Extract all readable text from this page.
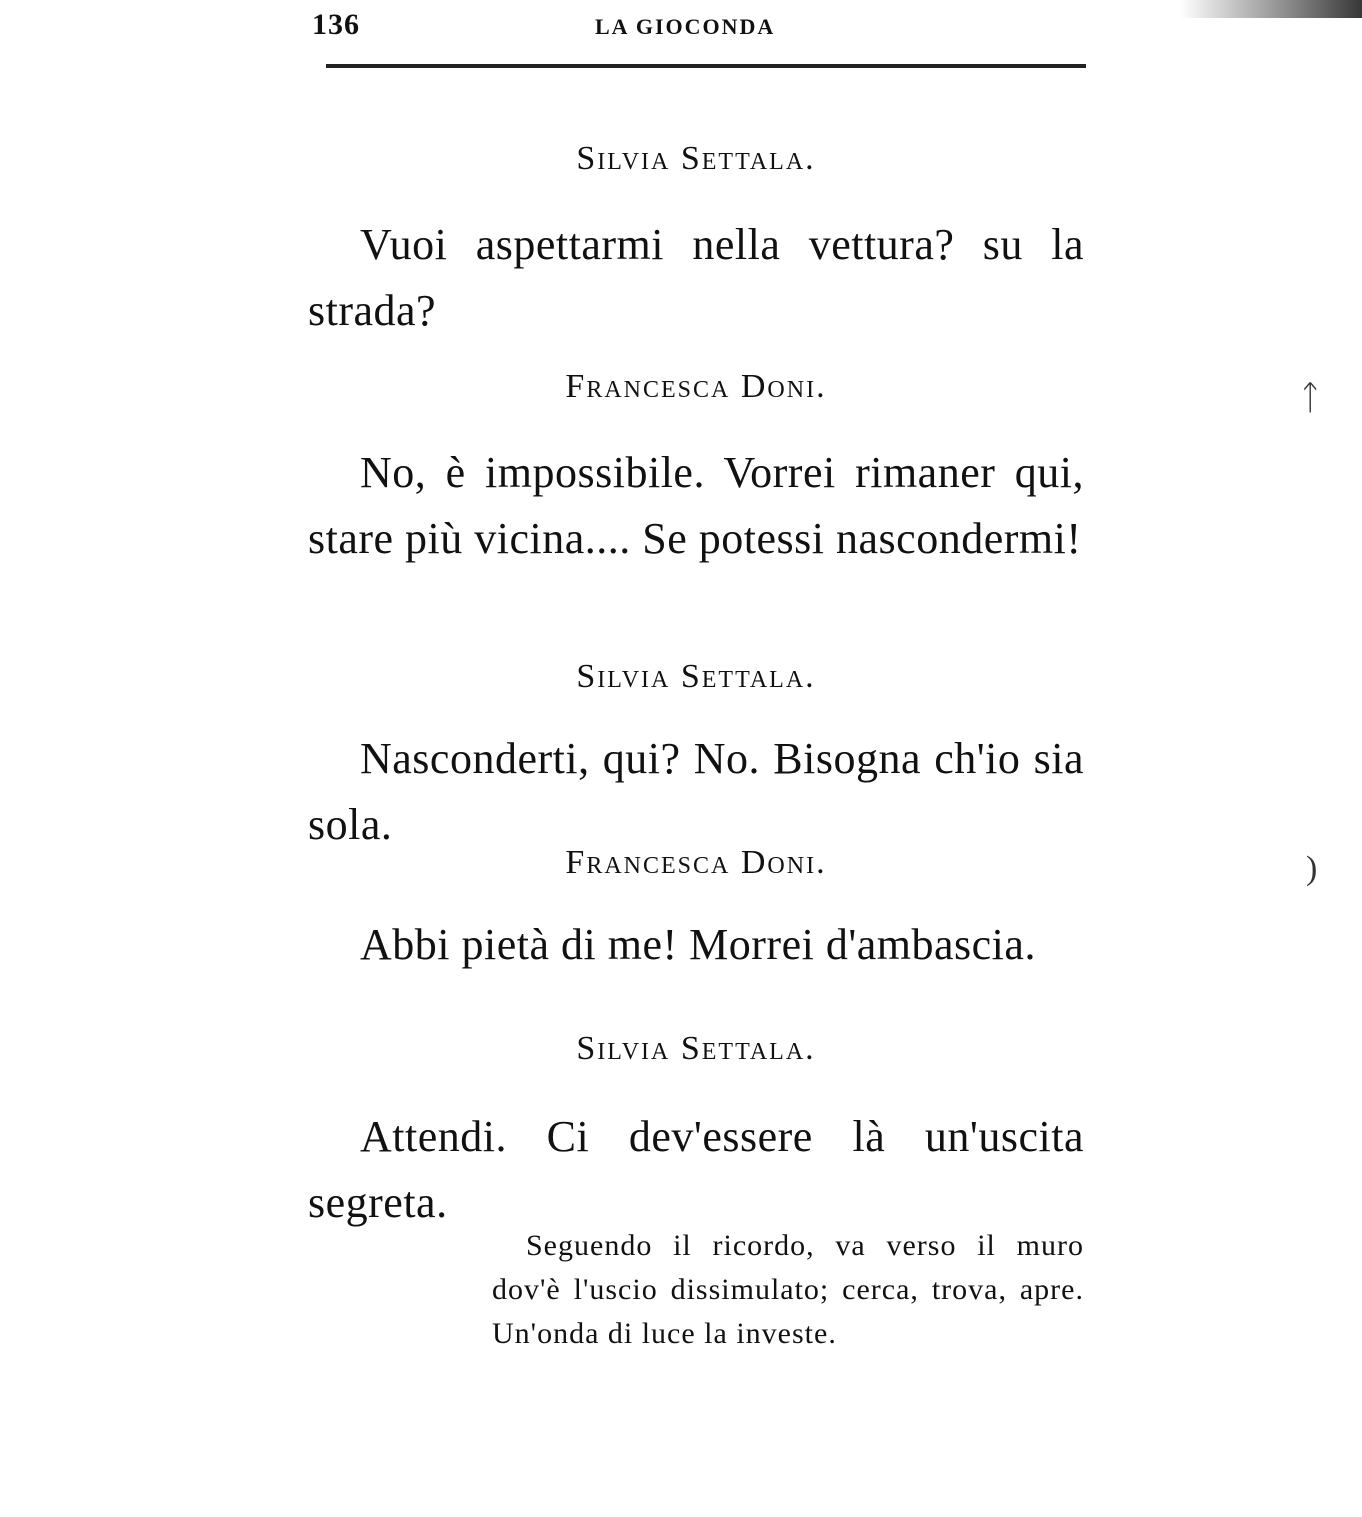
136	LA GIOCONDA
Silvia Settala.
Vuoi aspettarmi nella vettura? su la strada?
Francesca Doni.
No, è impossibile. Vorrei rimaner qui, stare più vicina.... Se potessi nascondermi!
Silvia Settala.
Nasconderti, qui? No. Bisogna ch'io sia sola.
Francesca Doni.
Abbi pietà di me! Morrei d'ambascia.
Silvia Settala.
Attendi. Ci dev'essere là un'uscita segreta.
Seguendo il ricordo, va verso il muro dov'è l'uscio dissimulato; cerca, trova, apre. Un'onda di luce la investe.
ᛏ
)
